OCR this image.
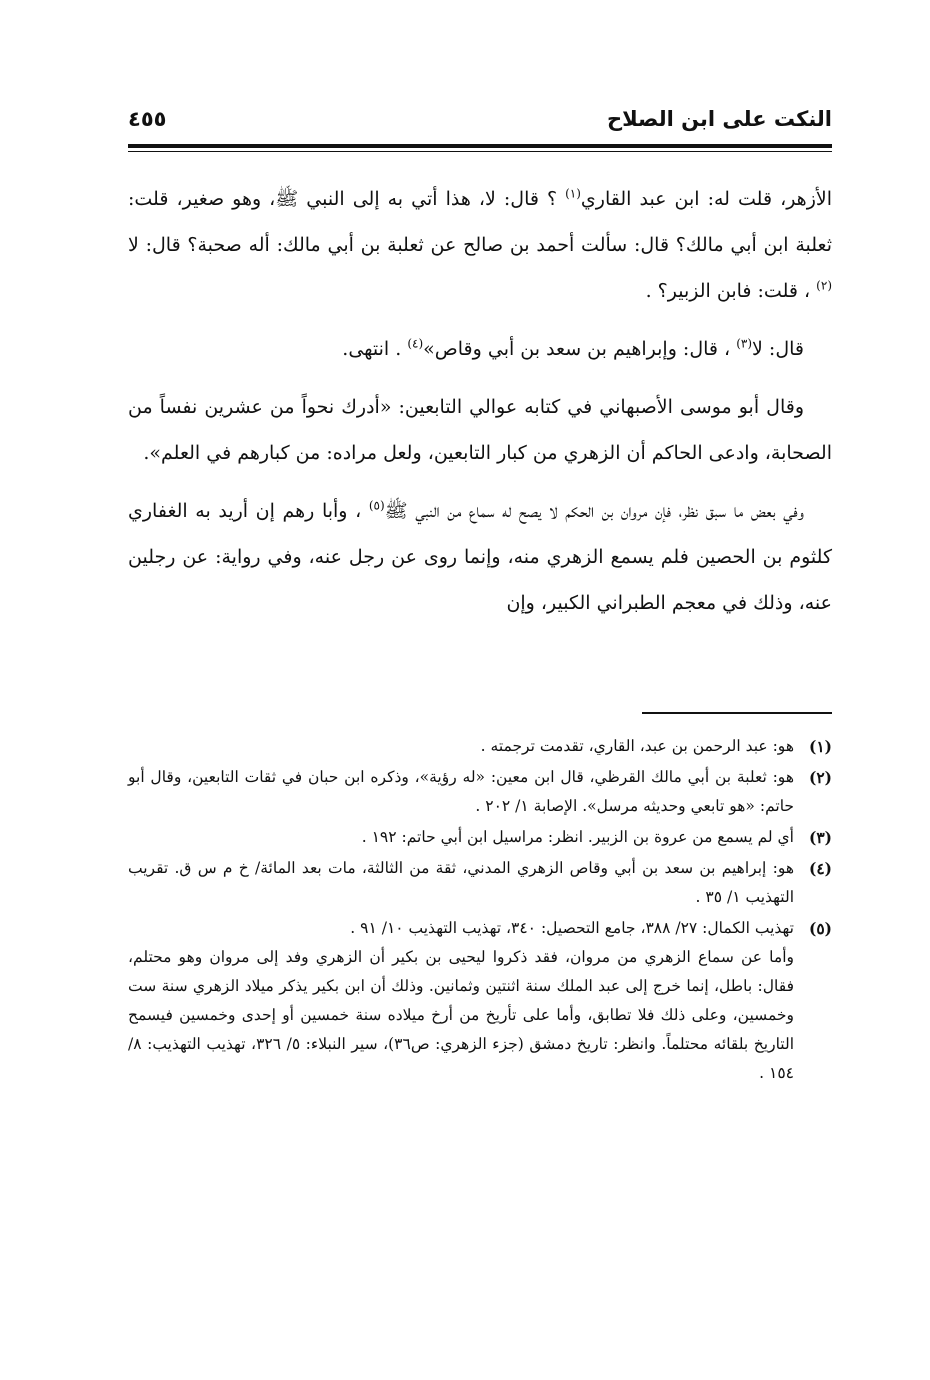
النكت على ابن الصلاح
٤٥٥

الأزهر، قلت له: ابن عبد القاري$^{(١)}$ ؟ قال: لا، هذا أتي به إلى النبي ﷺ، وهو صغير، قلت: ثعلبة ابن أبي مالك؟ قال: سألت أحمد بن صالح عن ثعلبة بن أبي مالك: أله صحبة؟ قال: لا $^{(٢)}$ ، قلت: فابن الزبير؟ .

قال: لا$^{(٣)}$ ، قال: وإبراهيم بن سعد بن أبي وقاص»$^{(٤)}$ . انتهى.

وقال أبو موسى الأصبهاني في كتابه عوالي التابعين: «أدرك نحواً من عشرين نفساً من الصحابة، وادعى الحاكم أن الزهري من كبار التابعين، ولعل مراده: من كبارهم في العلم».

وفي بعض ما سبق نظر، فإن مروان بن الحكم لا يصح له سماع من النبي ﷺ$^{(٥)}$ ، وأبا رهم إن أريد به الغفاري كلثوم بن الحصين فلم يسمع الزهري منه، وإنما روى عن رجل عنه، وفي رواية: عن رجلين عنه، وذلك في معجم الطبراني الكبير، وإن

(١)
هو: عبد الرحمن بن عبد، القاري، تقدمت ترجمته .
(٢)
هو: ثعلبة بن أبي مالك القرظي، قال ابن معين: «له رؤية»، وذكره ابن حبان في ثقات التابعين، وقال أبو حاتم: «هو تابعي وحديثه مرسل». الإصابة ١/ ٢٠٢ .
(٣)
أي لم يسمع من عروة بن الزبير. انظر: مراسيل ابن أبي حاتم: ١٩٢ .
(٤)
هو: إبراهيم بن سعد بن أبي وقاص الزهري المدني، ثقة من الثالثة، مات بعد المائة/ خ م س ق. تقريب التهذيب ١/ ٣٥ .
(٥)
تهذيب الكمال: ٢٧/ ٣٨٨، جامع التحصيل: ٣٤٠، تهذيب التهذيب ١٠/ ٩١ .

وأما عن سماع الزهري من مروان، فقد ذكروا ليحيى بن بكير أن الزهري وفد إلى مروان وهو محتلم، فقال: باطل، إنما خرج إلى عبد الملك سنة اثنتين وثمانين. وذلك أن ابن بكير يذكر ميلاد الزهري سنة ست وخمسين، وعلى ذلك فلا تطابق، وأما على تأريخ من أرخ ميلاده سنة خمسين أو إحدى وخمسين فيسمح التاريخ بلقائه محتلماً. وانظر: تاريخ دمشق (جزء الزهري: ص٣٦)، سير النبلاء: ٥/ ٣٢٦، تهذيب التهذيب: ٨/ ١٥٤ .
